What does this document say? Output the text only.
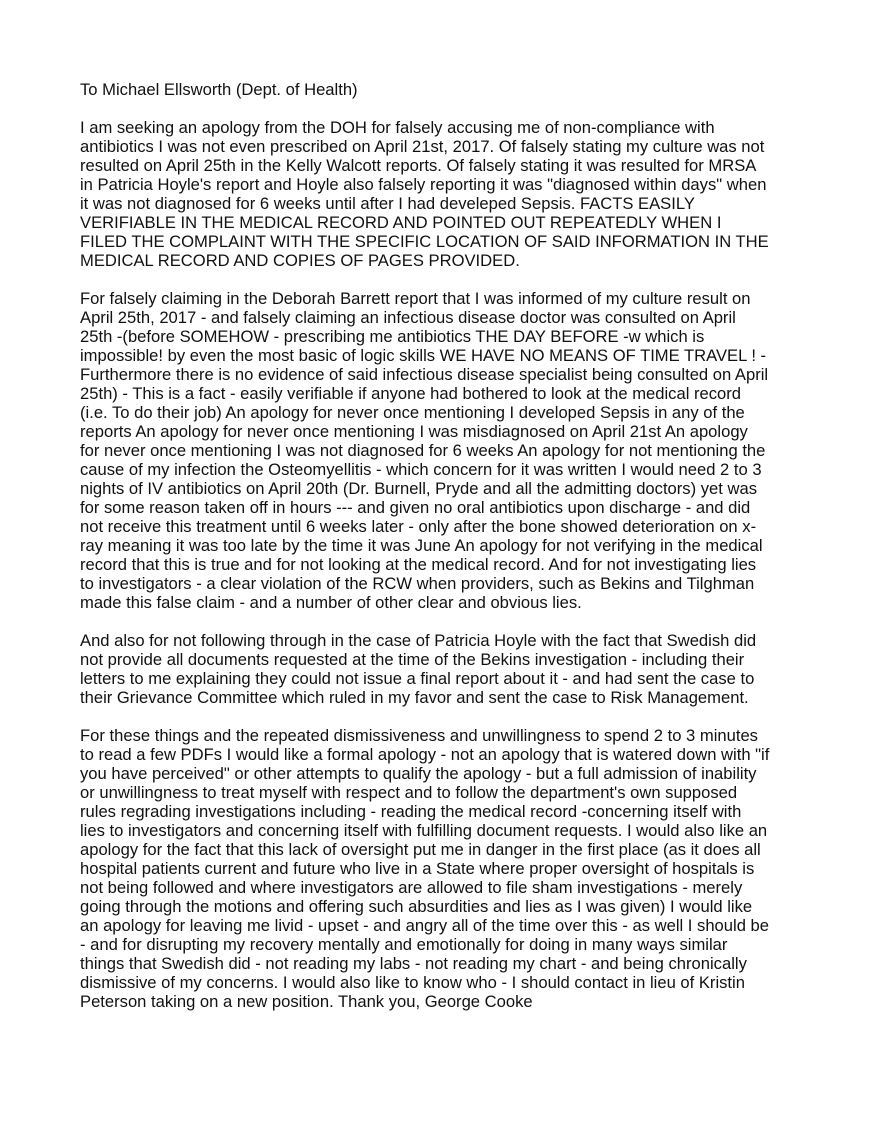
To Michael Ellsworth (Dept. of Health)

I am seeking an apology from the DOH for falsely accusing me of non-compliance with
antibiotics I was not even prescribed on April 21st, 2017. Of falsely stating my culture was not
resulted on April 25th in the Kelly Walcott reports. Of falsely stating it was resulted for MRSA
in Patricia Hoyle's report and Hoyle also falsely reporting it was "diagnosed within days" when
it was not diagnosed for 6 weeks until after I had develeped Sepsis. FACTS EASILY
VERIFIABLE IN THE MEDICAL RECORD AND POINTED OUT REPEATEDLY WHEN I
FILED THE COMPLAINT WITH THE SPECIFIC LOCATION OF SAID INFORMATION IN THE
MEDICAL RECORD AND COPIES OF PAGES PROVIDED.

For falsely claiming in the Deborah Barrett report that I was informed of my culture result on
April 25th, 2017 - and falsely claiming an infectious disease doctor was consulted on April
25th -(before SOMEHOW - prescribing me antibiotics THE DAY BEFORE -w which is
impossible! by even the most basic of logic skills WE HAVE NO MEANS OF TIME TRAVEL ! -
Furthermore there is no evidence of said infectious disease specialist being consulted on April
25th) - This is a fact - easily verifiable if anyone had bothered to look at the medical record
(i.e. To do their job) An apology for never once mentioning I developed Sepsis in any of the
reports An apology for never once mentioning I was misdiagnosed on April 21st An apology
for never once mentioning I was not diagnosed for 6 weeks An apology for not mentioning the
cause of my infection the Osteomyellitis - which concern for it was written I would need 2 to 3
nights of IV antibiotics on April 20th (Dr. Burnell, Pryde and all the admitting doctors) yet was
for some reason taken off in hours --- and given no oral antibiotics upon discharge - and did
not receive this treatment until 6 weeks later - only after the bone showed deterioration on x-
ray meaning it was too late by the time it was June An apology for not verifying in the medical
record that this is true and for not looking at the medical record. And for not investigating lies
to investigators - a clear violation of the RCW when providers, such as Bekins and Tilghman
made this false claim - and a number of other clear and obvious lies.

And also for not following through in the case of Patricia Hoyle with the fact that Swedish did
not provide all documents requested at the time of the Bekins investigation - including their
letters to me explaining they could not issue a final report about it - and had sent the case to
their Grievance Committee which ruled in my favor and sent the case to Risk Management.

For these things and the repeated dismissiveness and unwillingness to spend 2 to 3 minutes
to read a few PDFs I would like a formal apology - not an apology that is watered down with "if
you have perceived" or other attempts to qualify the apology - but a full admission of inability
or unwillingness to treat myself with respect and to follow the department's own supposed
rules regrading investigations including - reading the medical record -concerning itself with
lies to investigators and concerning itself with fulfilling document requests. I would also like an
apology for the fact that this lack of oversight put me in danger in the first place (as it does all
hospital patients current and future who live in a State where proper oversight of hospitals is
not being followed and where investigators are allowed to file sham investigations - merely
going through the motions and offering such absurdities and lies as I was given) I would like
an apology for leaving me livid - upset - and angry all of the time over this - as well I should be
- and for disrupting my recovery mentally and emotionally for doing in many ways similar
things that Swedish did - not reading my labs - not reading my chart - and being chronically
dismissive of my concerns. I would also like to know who - I should contact in lieu of Kristin
Peterson taking on a new position. Thank you, George Cooke
